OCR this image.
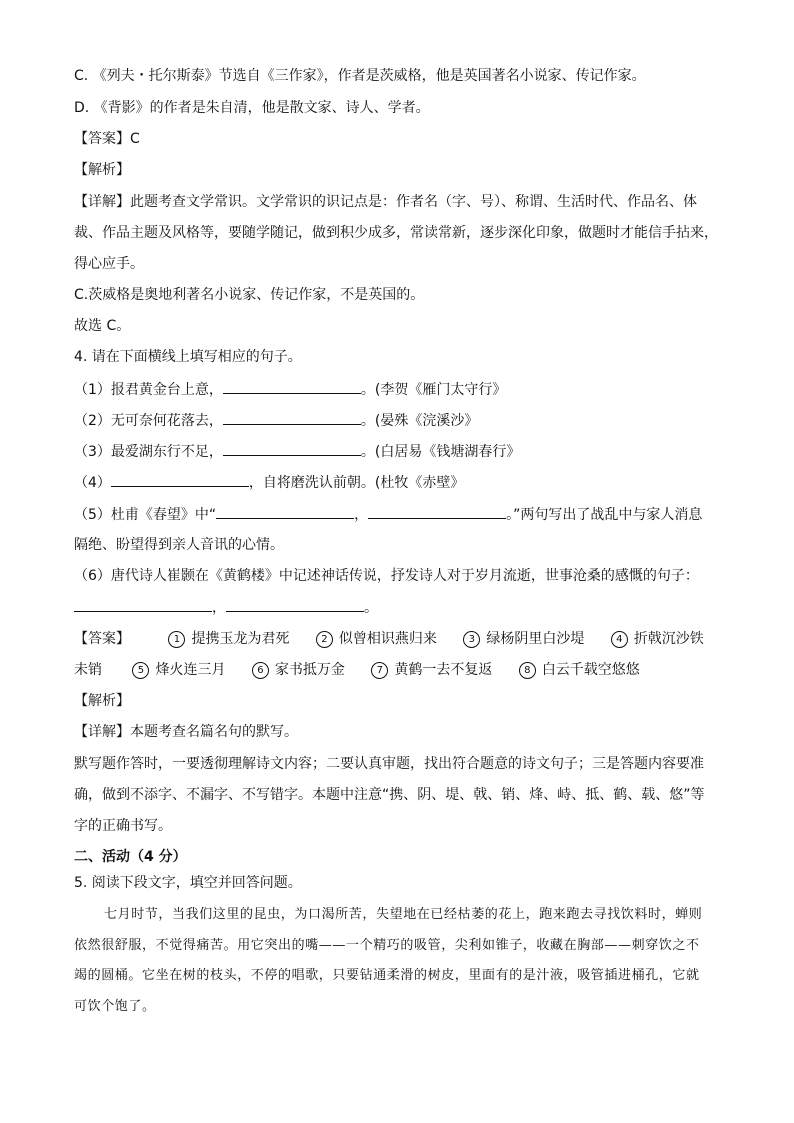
C. 《列夫・托尔斯泰》节选自《三作家》，作者是茨威格，他是英国著名小说家、传记作家。
D. 《背影》的作者是朱自清，他是散文家、诗人、学者。
【答案】C
【解析】
【详解】此题考查文学常识。文学常识的识记点是：作者名（字、号）、称谓、生活时代、作品名、体
裁、作品主题及风格等，要随学随记，做到积少成多，常读常新，逐步深化印象，做题时才能信手拈来，
得心应手。
C.茨威格是奥地利著名小说家、传记作家，不是英国的。
故选 C。
4. 请在下面横线上填写相应的句子。
（1）报君黄金台上意，	。(李贺《雁门太守行》
（2）无可奈何花落去，	。(晏殊《浣溪沙》
（3）最爱湖东行不足，	。(白居易《钱塘湖春行》
（4）	，自将磨洗认前朝。(杜牧《赤壁》
（5）杜甫《春望》中“	，	。”两句写出了战乱中与家人消息
隔绝、盼望得到亲人音讯的心情。
（6）唐代诗人崔颢在《黄鹤楼》中记述神话传说，抒发诗人对于岁月流逝，世事沧桑的感慨的句子：
，	。
【答案】	1 提携玉龙为君死	2 似曾相识燕归来	3 绿杨阴里白沙堤	4 折戟沉沙铁
未销	5 烽火连三月	6 家书抵万金	7 黄鹤一去不复返	8 白云千载空悠悠
【解析】
【详解】本题考查名篇名句的默写。
默写题作答时，一要透彻理解诗文内容；二要认真审题，找出符合题意的诗文句子；三是答题内容要准
确，做到不添字、不漏字、不写错字。本题中注意“携、阴、堤、戟、销、烽、峙、抵、鹤、载、悠”等
字的正确书写。
二、活动（4 分）
5. 阅读下段文字，填空并回答问题。
七月时节，当我们这里的昆虫，为口渴所苦，失望地在已经枯萎的花上，跑来跑去寻找饮料时，蝉则
依然很舒服，不觉得痛苦。用它突出的嘴——一个精巧的吸管，尖利如锥子，收藏在胸部——刺穿饮之不
竭的圆桶。它坐在树的枝头，不停的唱歌，只要钻通柔滑的树皮，里面有的是汁液，吸管插进桶孔，它就
可饮个饱了。
